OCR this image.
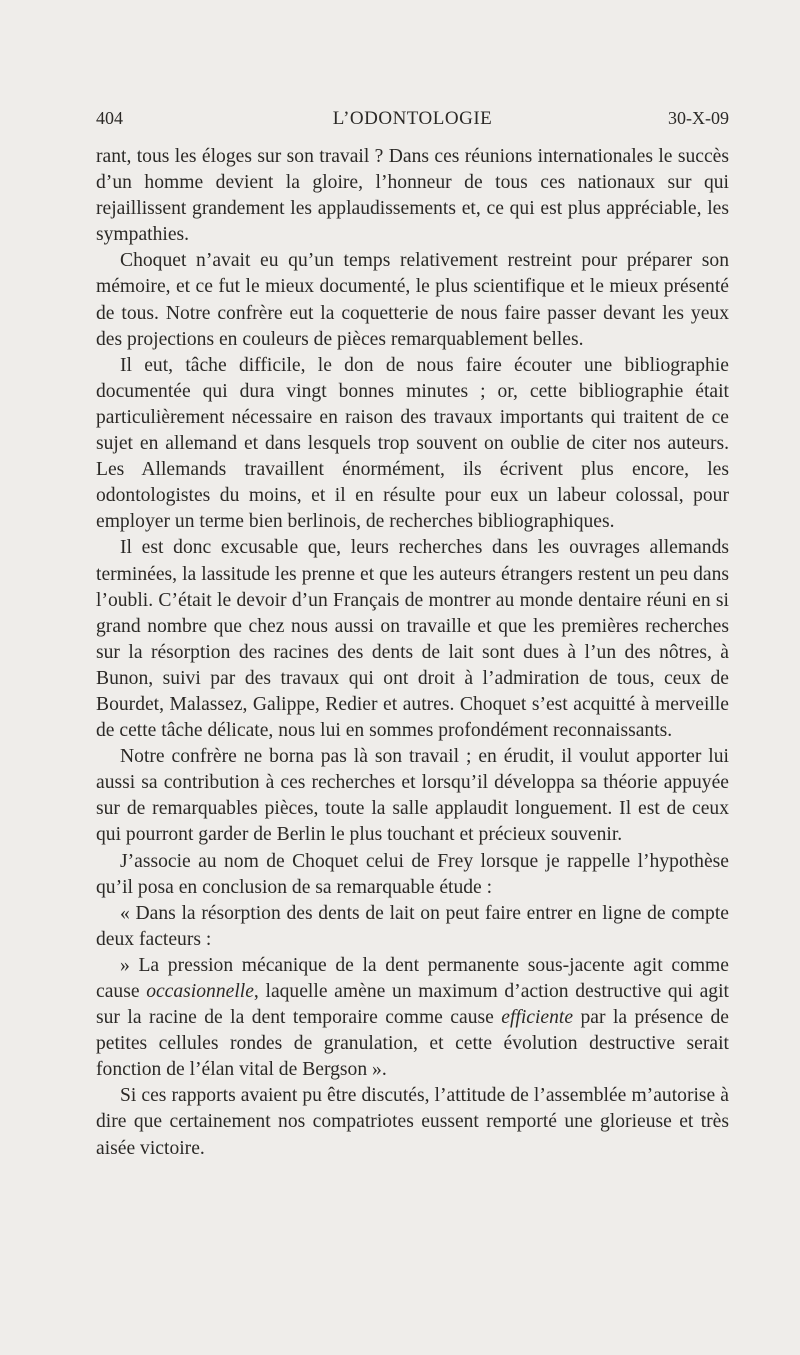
404	L’ODONTOLOGIE	30-X-09

rant, tous les éloges sur son travail ? Dans ces réunions internationales le succès d’un homme devient la gloire, l’honneur de tous ces nationaux sur qui rejaillissent grandement les applaudissements et, ce qui est plus appréciable, les sympathies.

Choquet n’avait eu qu’un temps relativement restreint pour préparer son mémoire, et ce fut le mieux documenté, le plus scientifique et le mieux présenté de tous. Notre confrère eut la coquetterie de nous faire passer devant les yeux des projections en couleurs de pièces remarquablement belles.

Il eut, tâche difficile, le don de nous faire écouter une bibliographie documentée qui dura vingt bonnes minutes ; or, cette bibliographie était particulièrement nécessaire en raison des travaux importants qui traitent de ce sujet en allemand et dans lesquels trop souvent on oublie de citer nos auteurs. Les Allemands travaillent énormément, ils écrivent plus encore, les odontologistes du moins, et il en résulte pour eux un labeur colossal, pour employer un terme bien berlinois, de recherches bibliographiques.

Il est donc excusable que, leurs recherches dans les ouvrages allemands terminées, la lassitude les prenne et que les auteurs étrangers restent un peu dans l’oubli. C’était le devoir d’un Français de montrer au monde dentaire réuni en si grand nombre que chez nous aussi on travaille et que les premières recherches sur la résorption des racines des dents de lait sont dues à l’un des nôtres, à Bunon, suivi par des travaux qui ont droit à l’admiration de tous, ceux de Bourdet, Malassez, Galippe, Redier et autres. Choquet s’est acquitté à merveille de cette tâche délicate, nous lui en sommes profondément reconnaissants.

Notre confrère ne borna pas là son travail ; en érudit, il voulut apporter lui aussi sa contribution à ces recherches et lorsqu’il développa sa théorie appuyée sur de remarquables pièces, toute la salle applaudit longuement. Il est de ceux qui pourront garder de Berlin le plus touchant et précieux souvenir.

J’associe au nom de Choquet celui de Frey lorsque je rappelle l’hypothèse qu’il posa en conclusion de sa remarquable étude :

« Dans la résorption des dents de lait on peut faire entrer en ligne de compte deux facteurs :

» La pression mécanique de la dent permanente sous-jacente agit comme cause occasionnelle, laquelle amène un maximum d’action destructive qui agit sur la racine de la dent temporaire comme cause efficiente par la présence de petites cellules rondes de granulation, et cette évolution destructive serait fonction de l’élan vital de Bergson ».

Si ces rapports avaient pu être discutés, l’attitude de l’assemblée m’autorise à dire que certainement nos compatriotes eussent remporté une glorieuse et très aisée victoire.
